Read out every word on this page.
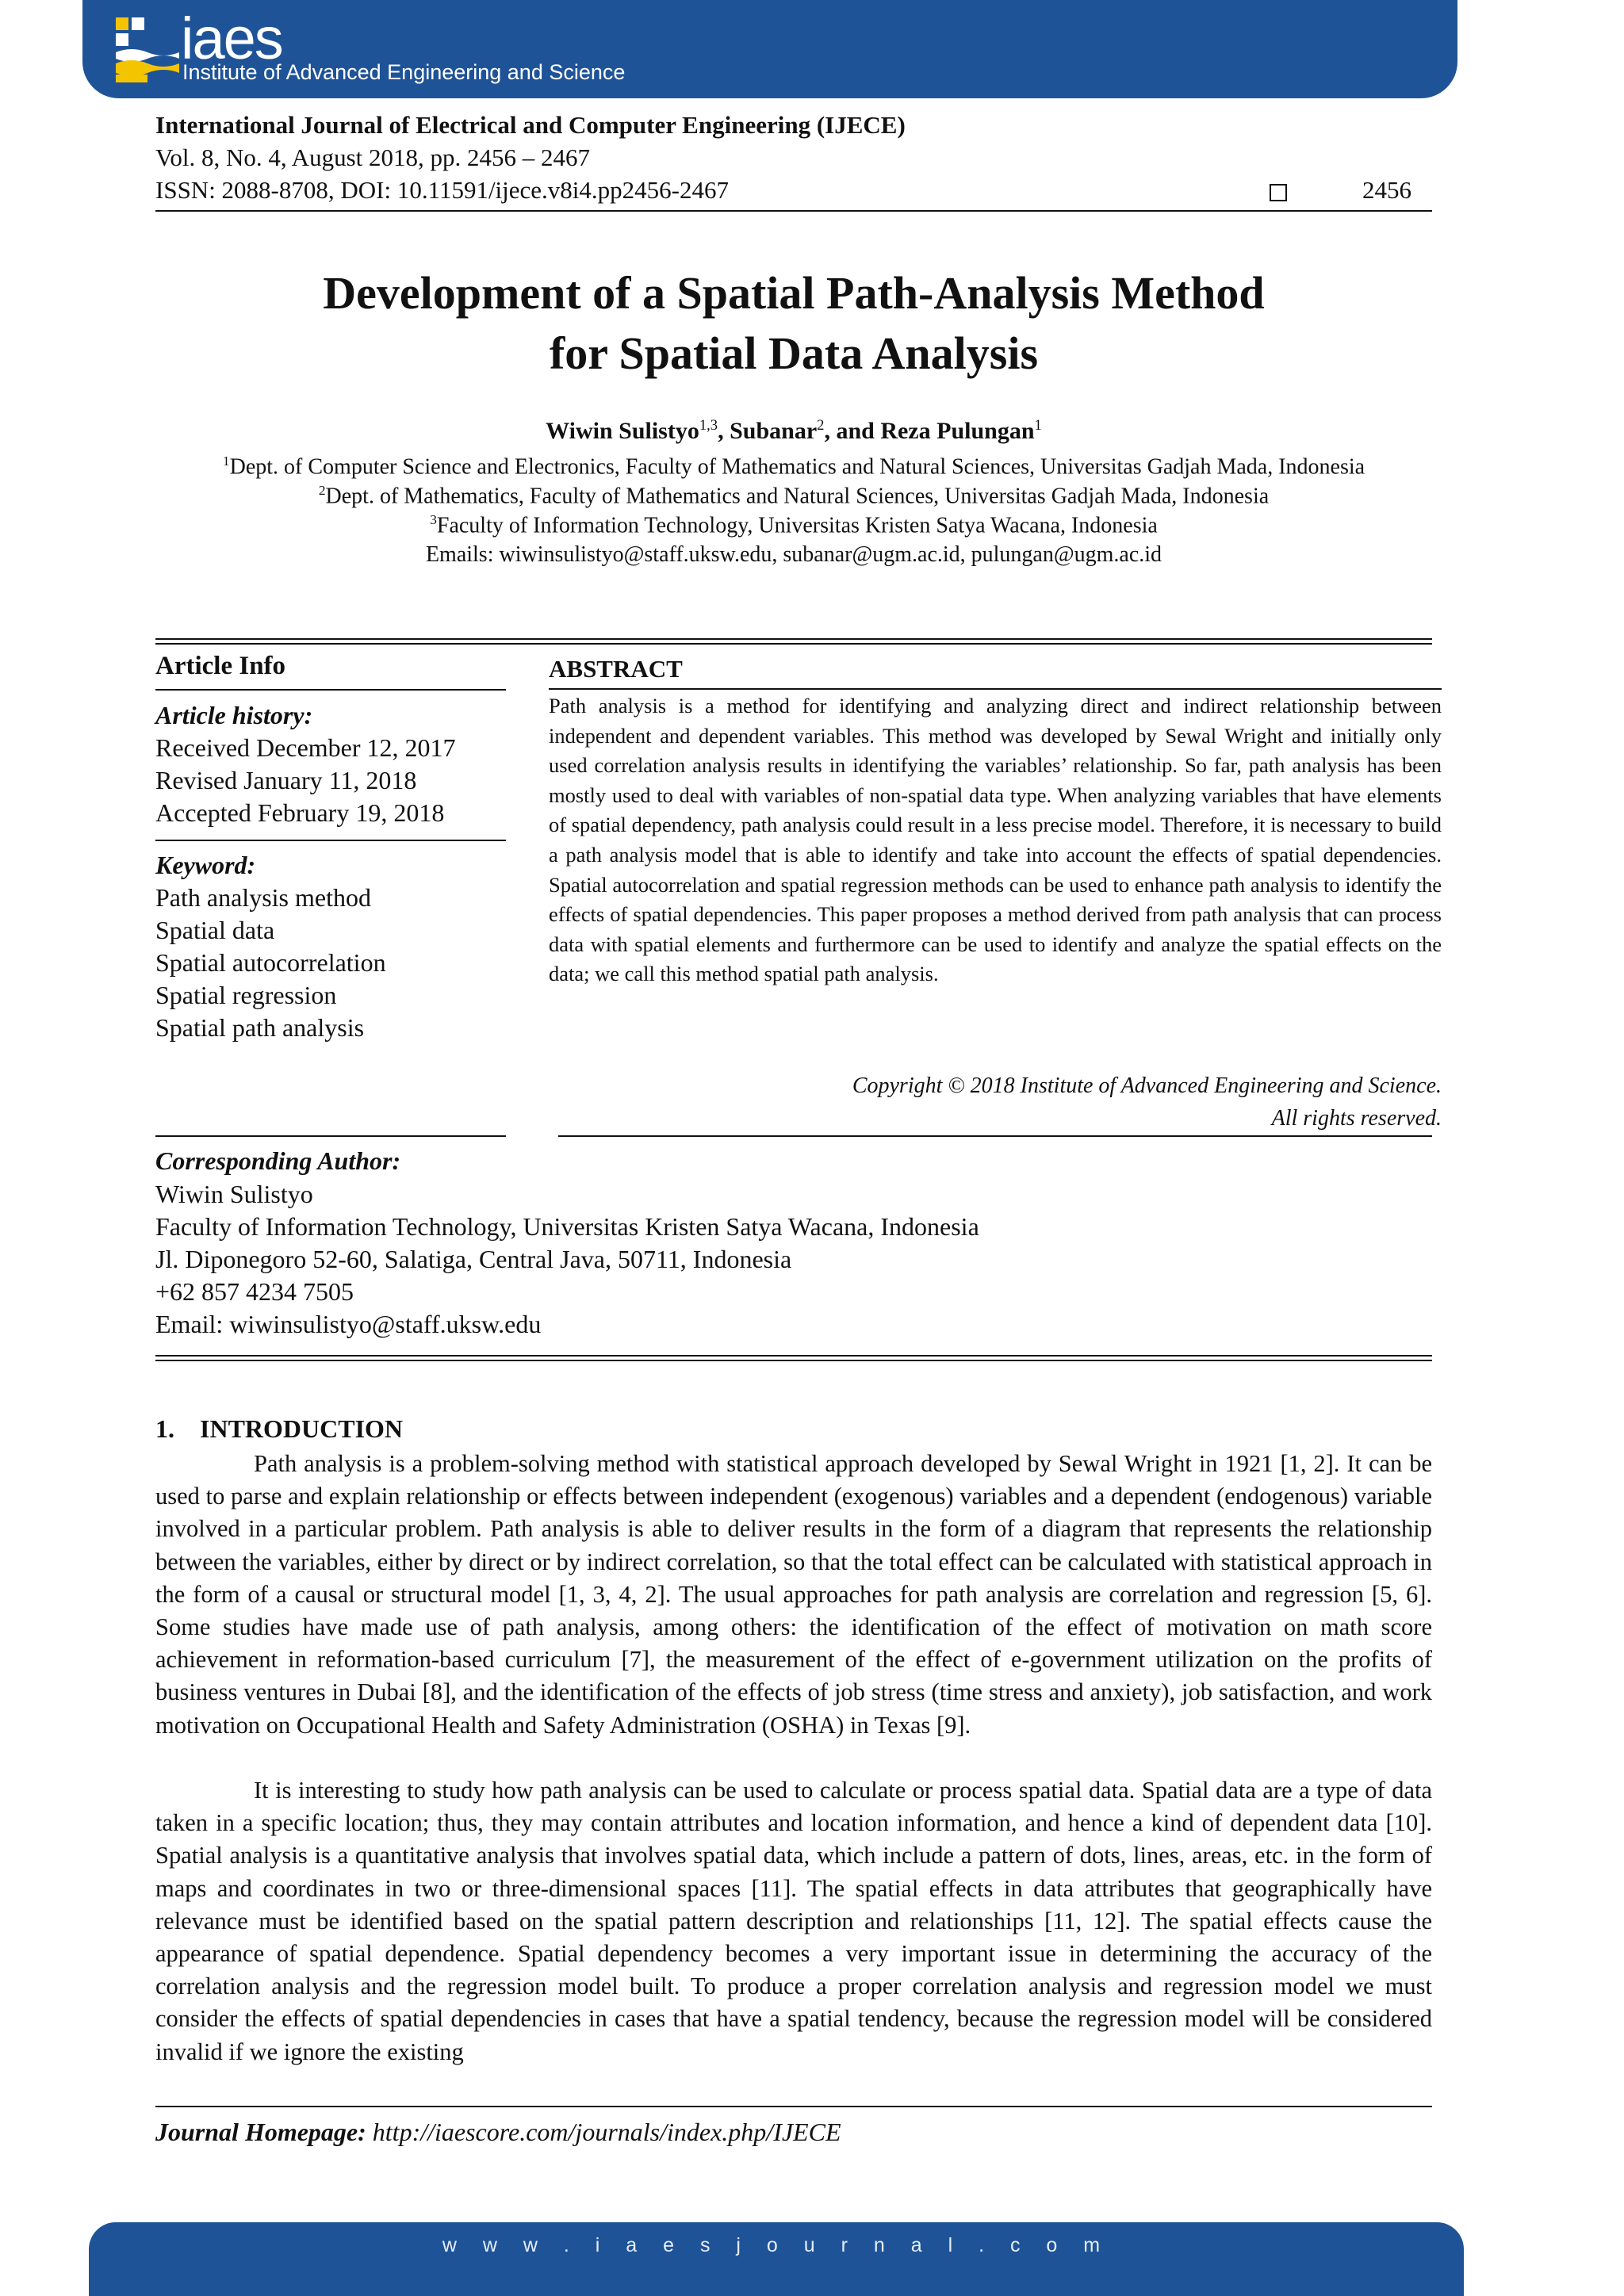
iaes
Institute of Advanced Engineering and Science
International Journal of Electrical and Computer Engineering (IJECE)
Vol. 8, No. 4, August 2018, pp. 2456 – 2467
ISSN: 2088-8708, DOI: 10.11591/ijece.v8i4.pp2456-2467	2456
Development of a Spatial Path-Analysis Method
for Spatial Data Analysis
Wiwin Sulistyo$^{1,3}$, Subanar$^2$, and Reza Pulungan$^1$
$^1$Dept. of Computer Science and Electronics, Faculty of Mathematics and Natural Sciences, Universitas Gadjah Mada, Indonesia
$^2$Dept. of Mathematics, Faculty of Mathematics and Natural Sciences, Universitas Gadjah Mada, Indonesia
$^3$Faculty of Information Technology, Universitas Kristen Satya Wacana, Indonesia
Emails: wiwinsulistyo@staff.uksw.edu, subanar@ugm.ac.id, pulungan@ugm.ac.id
Article Info
Article history:
Received December 12, 2017
Revised January 11, 2018
Accepted February 19, 2018
Keyword:
Path analysis method
Spatial data
Spatial autocorrelation
Spatial regression
Spatial path analysis
ABSTRACT
Path analysis is a method for identifying and analyzing direct and indirect relationship between independent and dependent variables. This method was developed by Sewal Wright and initially only used correlation analysis results in identifying the variables’ relationship. So far, path analysis has been mostly used to deal with variables of non-spatial data type. When analyzing variables that have elements of spatial dependency, path analysis could result in a less precise model. Therefore, it is necessary to build a path analysis model that is able to identify and take into account the effects of spatial dependencies. Spatial autocorrelation and spatial regression methods can be used to enhance path analysis to identify the effects of spatial dependencies. This paper proposes a method derived from path analysis that can process data with spatial elements and furthermore can be used to identify and analyze the spatial effects on the data; we call this method spatial path analysis.
Copyright © 2018 Institute of Advanced Engineering and Science.
All rights reserved.
Corresponding Author:
Wiwin Sulistyo
Faculty of Information Technology, Universitas Kristen Satya Wacana, Indonesia
Jl. Diponegoro 52-60, Salatiga, Central Java, 50711, Indonesia
+62 857 4234 7505
Email: wiwinsulistyo@staff.uksw.edu
1.    INTRODUCTION

Path analysis is a problem-solving method with statistical approach developed by Sewal Wright in 1921 [1, 2]. It can be used to parse and explain relationship or effects between independent (exogenous) variables and a dependent (endogenous) variable involved in a particular problem. Path analysis is able to deliver results in the form of a diagram that represents the relationship between the variables, either by direct or by indirect correlation, so that the total effect can be calculated with statistical approach in the form of a causal or structural model [1, 3, 4, 2]. The usual approaches for path analysis are correlation and regression [5, 6]. Some studies have made use of path analysis, among others: the identification of the effect of motivation on math score achievement in reformation-based curriculum [7], the measurement of the effect of e-government utilization on the profits of business ventures in Dubai [8], and the identification of the effects of job stress (time stress and anxiety), job satisfaction, and work motivation on Occupational Health and Safety Administration (OSHA) in Texas [9].

It is interesting to study how path analysis can be used to calculate or process spatial data. Spatial data are a type of data taken in a specific location; thus, they may contain attributes and location information, and hence a kind of dependent data [10]. Spatial analysis is a quantitative analysis that involves spatial data, which include a pattern of dots, lines, areas, etc. in the form of maps and coordinates in two or three-dimensional spaces [11]. The spatial effects in data attributes that geographically have relevance must be identified based on the spatial pattern description and relationships [11, 12]. The spatial effects cause the appearance of spatial dependence. Spatial dependency becomes a very important issue in determining the accuracy of the correlation analysis and the regression model built. To produce a proper correlation analysis and regression model we must consider the effects of spatial dependencies in cases that have a spatial tendency, because the regression model will be considered invalid if we ignore the existing

Journal Homepage: http://iaescore.com/journals/index.php/IJECE
w w w . i a e s j o u r n a l . c o m
